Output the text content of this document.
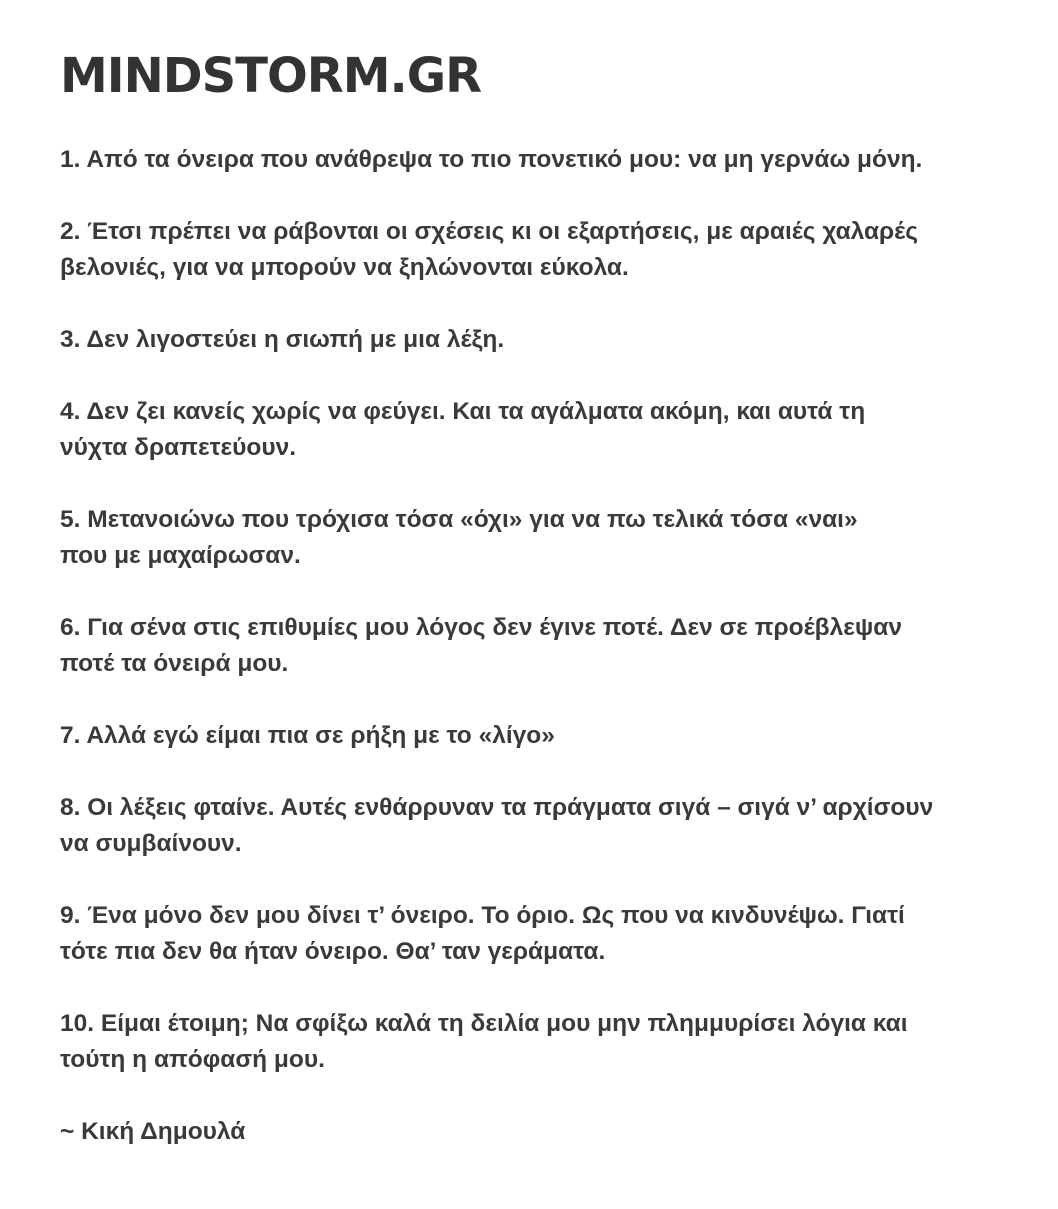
MINDSTORM.GR
1. Από τα όνειρα που ανάθρεψα το πιο πονετικό μου: να μη γερνάω μόνη.
2. Έτσι πρέπει να ράβονται οι σχέσεις κι οι εξαρτήσεις, με αραιές χαλαρές
βελονιές, για να μπορούν να ξηλώνονται εύκολα.
3. Δεν λιγοστεύει η σιωπή με μια λέξη.
4. Δεν ζει κανείς χωρίς να φεύγει. Και τα αγάλματα ακόμη, και αυτά τη
νύχτα δραπετεύουν.
5. Μετανοιώνω που τρόχισα τόσα «όχι» για να πω τελικά τόσα «ναι»
που με μαχαίρωσαν.
6. Για σένα στις επιθυμίες μου λόγος δεν έγινε ποτέ. Δεν σε προέβλεψαν
ποτέ τα όνειρά μου.
7. Αλλά εγώ είμαι πια σε ρήξη με το «λίγο»
8. Οι λέξεις φταίνε. Αυτές ενθάρρυναν τα πράγματα σιγά – σιγά ν’ αρχίσουν
να συμβαίνουν.
9. Ένα μόνο δεν μου δίνει τ’ όνειρο. Το όριο. Ως που να κινδυνέψω. Γιατί
τότε πια δεν θα ήταν όνειρο. Θα’ ταν γεράματα.
10. Είμαι έτοιμη; Να σφίξω καλά τη δειλία μου μην πλημμυρίσει λόγια και
τούτη η απόφασή μου.

~ Κική Δημουλά
